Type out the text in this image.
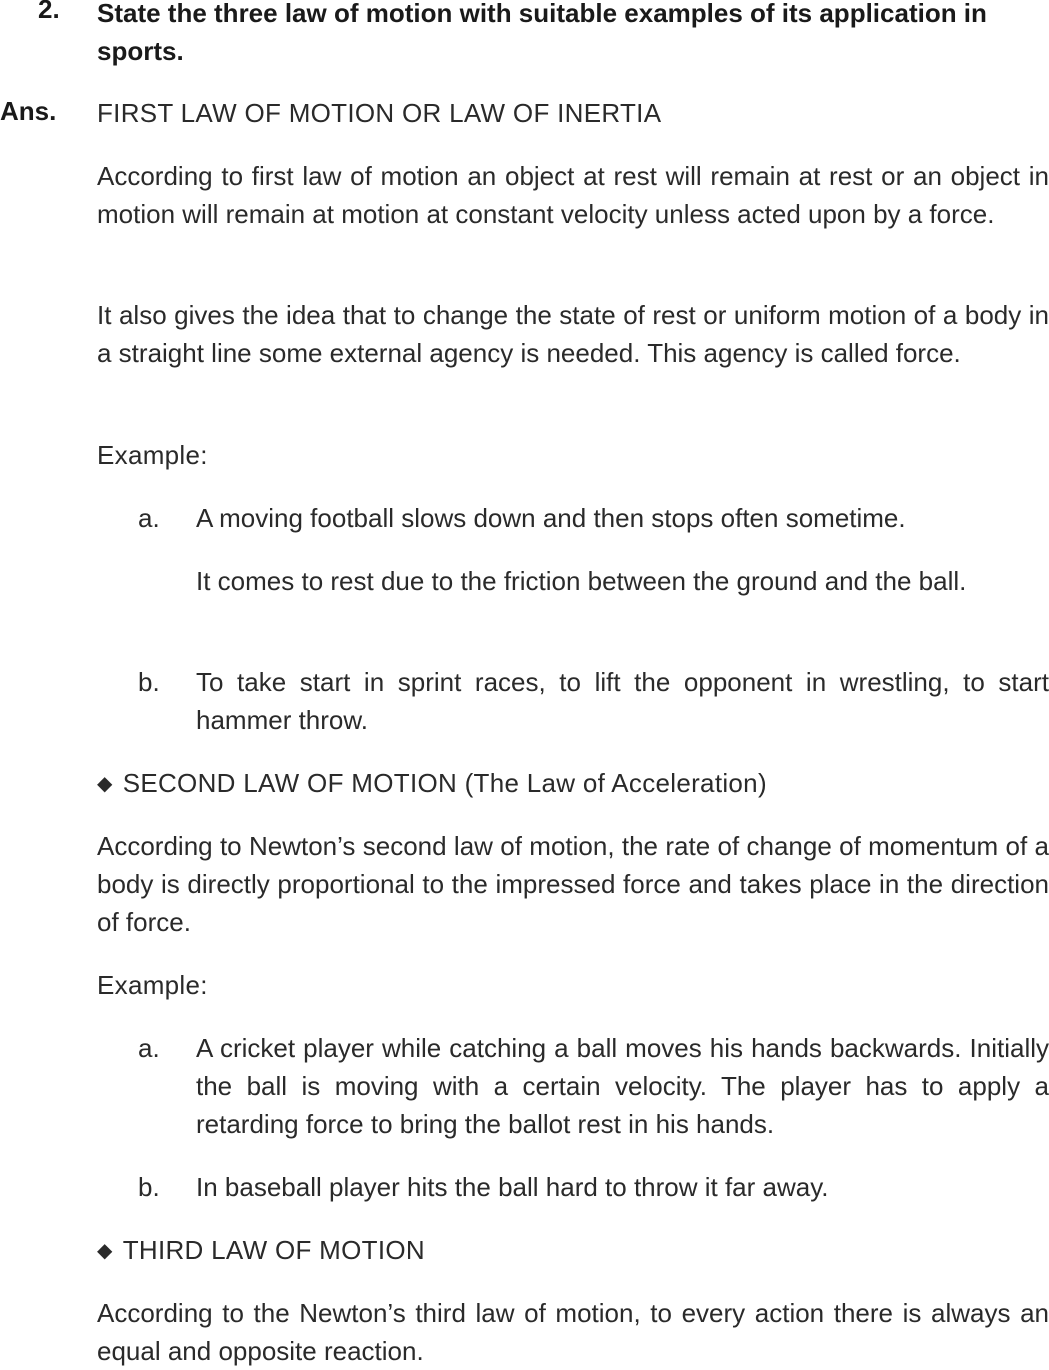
2. State the three law of motion with suitable examples of its application in sports.
Ans. FIRST LAW OF MOTION OR LAW OF INERTIA
According to first law of motion an object at rest will remain at rest or an object in motion will remain at motion at constant velocity unless acted upon by a force.
It also gives the idea that to change the state of rest or uniform motion of a body in a straight line some external agency is needed. This agency is called force.
Example:
a. A moving football slows down and then stops often sometime.
It comes to rest due to the friction between the ground and the ball.
b. To take start in sprint races, to lift the opponent in wrestling, to start hammer throw.
◆ SECOND LAW OF MOTION (The Law of Acceleration)
According to Newton’s second law of motion, the rate of change of momentum of a body is directly proportional to the impressed force and takes place in the direction of force.
Example:
a. A cricket player while catching a ball moves his hands backwards. Initially the ball is moving with a certain velocity. The player has to apply a retarding force to bring the ballot rest in his hands.
b. In baseball player hits the ball hard to throw it far away.
◆ THIRD LAW OF MOTION
According to the Newton’s third law of motion, to every action there is always an equal and opposite reaction.
